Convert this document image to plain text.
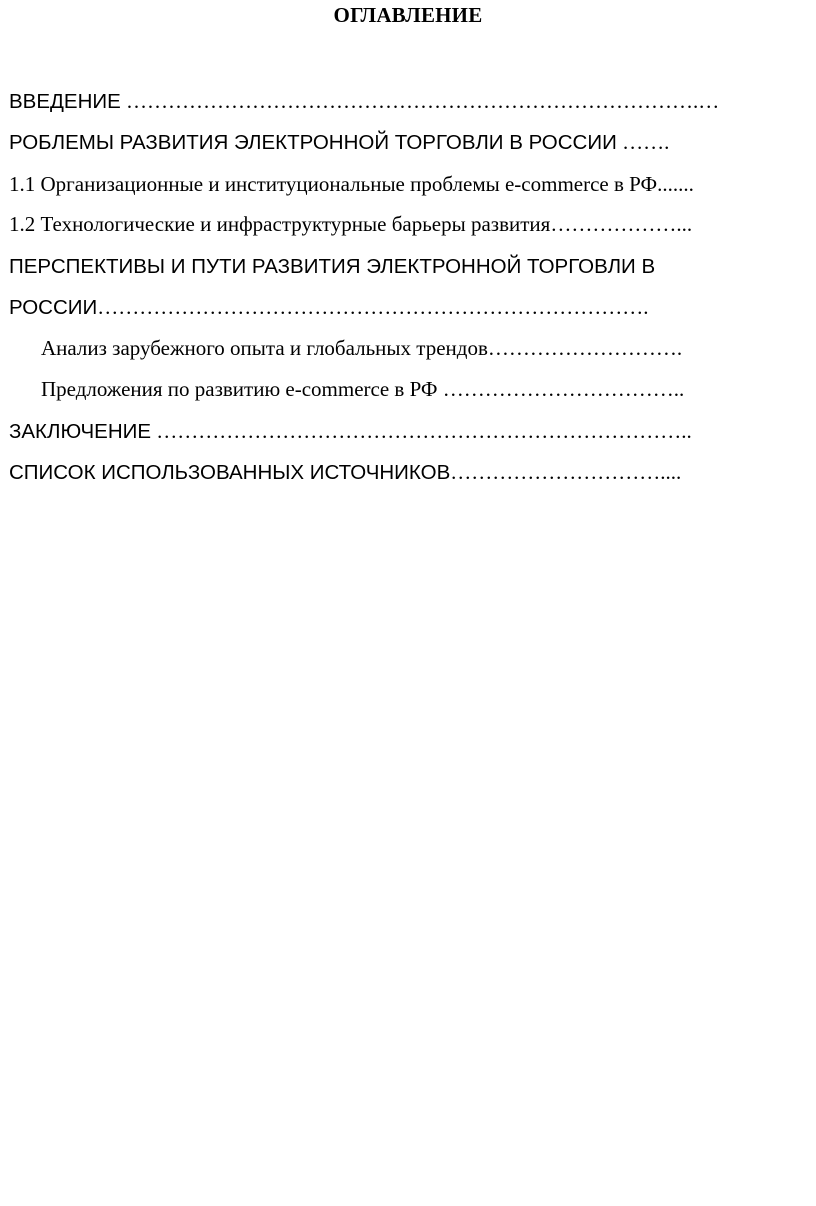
ОГЛАВЛЕНИЕ
ВВЕДЕНИЕ ……………………………………………………………………….…
РОБЛЕМЫ РАЗВИТИЯ ЭЛЕКТРОННОЙ ТОРГОВЛИ В РОССИИ …….
1.1 Организационные и институциональные проблемы e-commerce в РФ.......
1.2 Технологические и инфраструктурные барьеры развития………………...
ПЕРСПЕКТИВЫ И ПУТИ РАЗВИТИЯ ЭЛЕКТРОННОЙ ТОРГОВЛИ В
РОССИИ…………………………………………………………………….
Анализ зарубежного опыта и глобальных трендов……………………….
Предложения по развитию e-commerce в РФ ……………………………..
ЗАКЛЮЧЕНИЕ …………………………………………………………………..
СПИСОК ИСПОЛЬЗОВАННЫХ ИСТОЧНИКОВ…………………………....
